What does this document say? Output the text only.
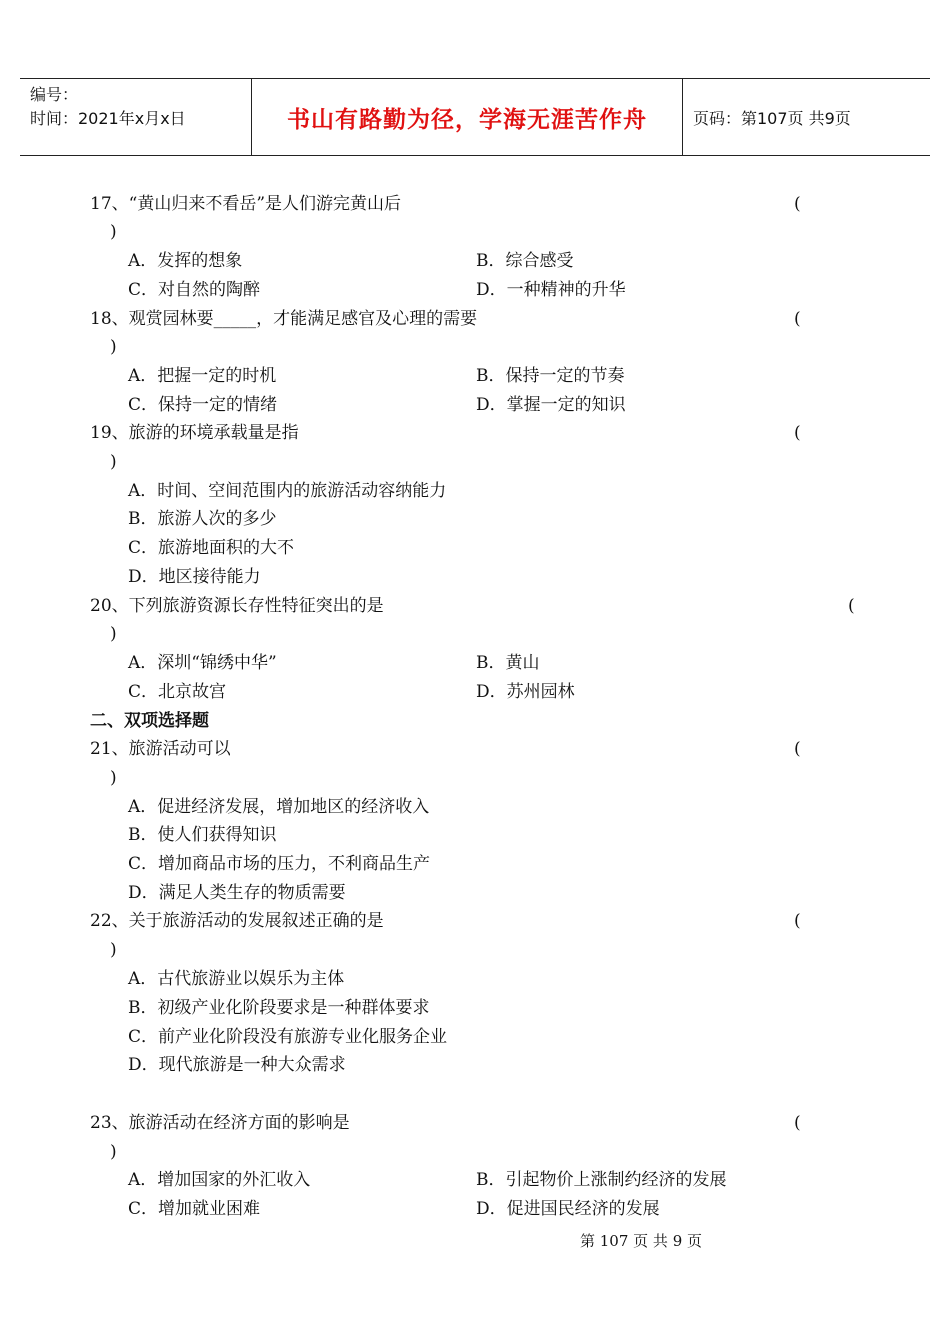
编号：
时间：2021年x月x日	书山有路勤为径，学海无涯苦作舟	页码：第107页 共9页
17、“黄山归来不看岳”是人们游完黄山后	(
)
A．发挥的想象	B．综合感受
C．对自然的陶醉	D．一种精神的升华
18、观赏园林要_____，才能满足感官及心理的需要	(
)
A．把握一定的时机	B．保持一定的节奏
C．保持一定的情绪	D．掌握一定的知识
19、旅游的环境承载量是指	(
)
A．时间、空间范围内的旅游活动容纳能力
B．旅游人次的多少
C．旅游地面积的大不
D．地区接待能力
20、下列旅游资源长存性特征突出的是	(
)
A．深圳“锦绣中华”	B．黄山
C．北京故宫	D．苏州园林
二、双项选择题
21、旅游活动可以	(
)
A．促进经济发展，增加地区的经济收入
B．使人们获得知识
C．增加商品市场的压力，不利商品生产
D．满足人类生存的物质需要
22、关于旅游活动的发展叙述正确的是	(
)
A．古代旅游业以娱乐为主体
B．初级产业化阶段要求是一种群体要求
C．前产业化阶段没有旅游专业化服务企业
D．现代旅游是一种大众需求
23、旅游活动在经济方面的影响是	(
)
A．增加国家的外汇收入	B．引起物价上涨制约经济的发展
C．增加就业困难	D．促进国民经济的发展
第 107 页 共 9 页
